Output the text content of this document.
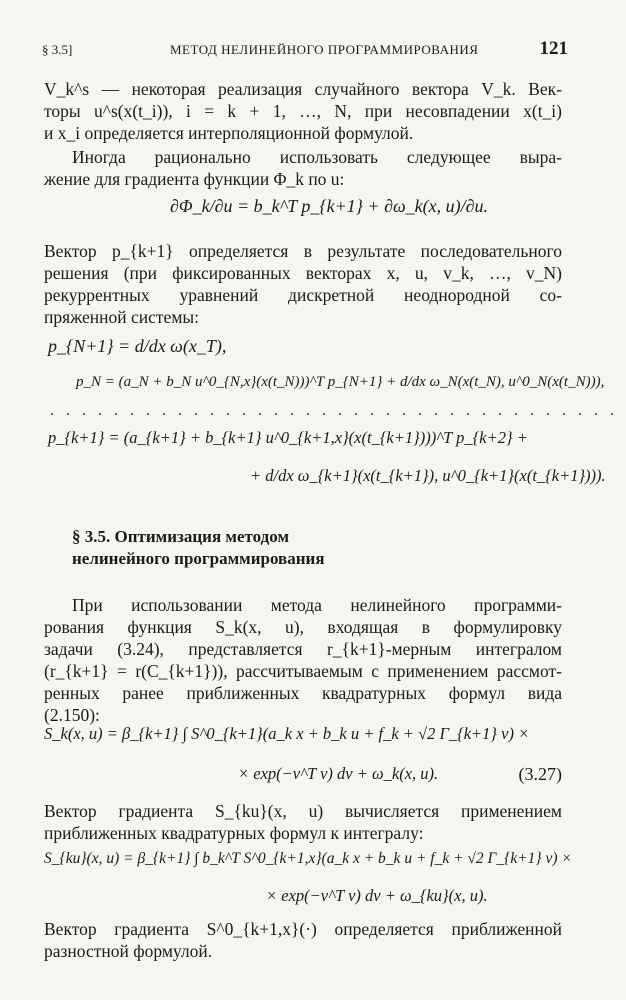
§ 3.5]	МЕТОД НЕЛИНЕЙНОГО ПРОГРАММИРОВАНИЯ	121
V_k^s — некоторая реализация случайного вектора V_k. Век-
торы u^s(x(t_i)), i = k + 1, …, N, при несовпадении x(t_i)
и x_i определяется интерполяционной формулой.
Иногда рационально использовать следующее выра-
жение для градиента функции Φ_k по u:
∂Φ_k/∂u = b_k^T p_{k+1} + ∂ω_k(x, u)/∂u.
Вектор p_{k+1} определяется в результате последовательного
решения (при фиксированных векторах x, u, v_k, …, v_N)
рекуррентных уравнений дискретной неоднородной со-
пряженной системы:
p_{N+1} = d/dx ω(x_T),
p_N = (a_N + b_N u^0_{N,x}(x(t_N)))^T p_{N+1} + d/dx ω_N(x(t_N), u^0_N(x(t_N))),
....................................
p_{k+1} = (a_{k+1} + b_{k+1} u^0_{k+1,x}(x(t_{k+1})))^T p_{k+2} +
+ d/dx ω_{k+1}(x(t_{k+1}), u^0_{k+1}(x(t_{k+1}))).
§ 3.5. Оптимизация методом
нелинейного программирования
При использовании метода нелинейного программи-
рования функция S_k(x, u), входящая в формулировку
задачи (3.24), представляется r_{k+1}-мерным интегралом
(r_{k+1} = r(C_{k+1})), рассчитываемым с применением рассмот-
ренных ранее приближенных квадратурных формул вида
(2.150):
S_k(x, u) = β_{k+1} ∫ S^0_{k+1}(a_k x + b_k u + f_k + √2 Γ_{k+1} v) ×
× exp(−v^T v) dv + ω_k(x, u).	(3.27)
Вектор градиента S_{ku}(x, u) вычисляется применением
приближенных квадратурных формул к интегралу:
S_{ku}(x, u) = β_{k+1} ∫ b_k^T S^0_{k+1,x}(a_k x + b_k u + f_k + √2 Γ_{k+1} v) ×
× exp(−v^T v) dv + ω_{ku}(x, u).
Вектор градиента S^0_{k+1,x}(·) определяется приближенной
разностной формулой.
